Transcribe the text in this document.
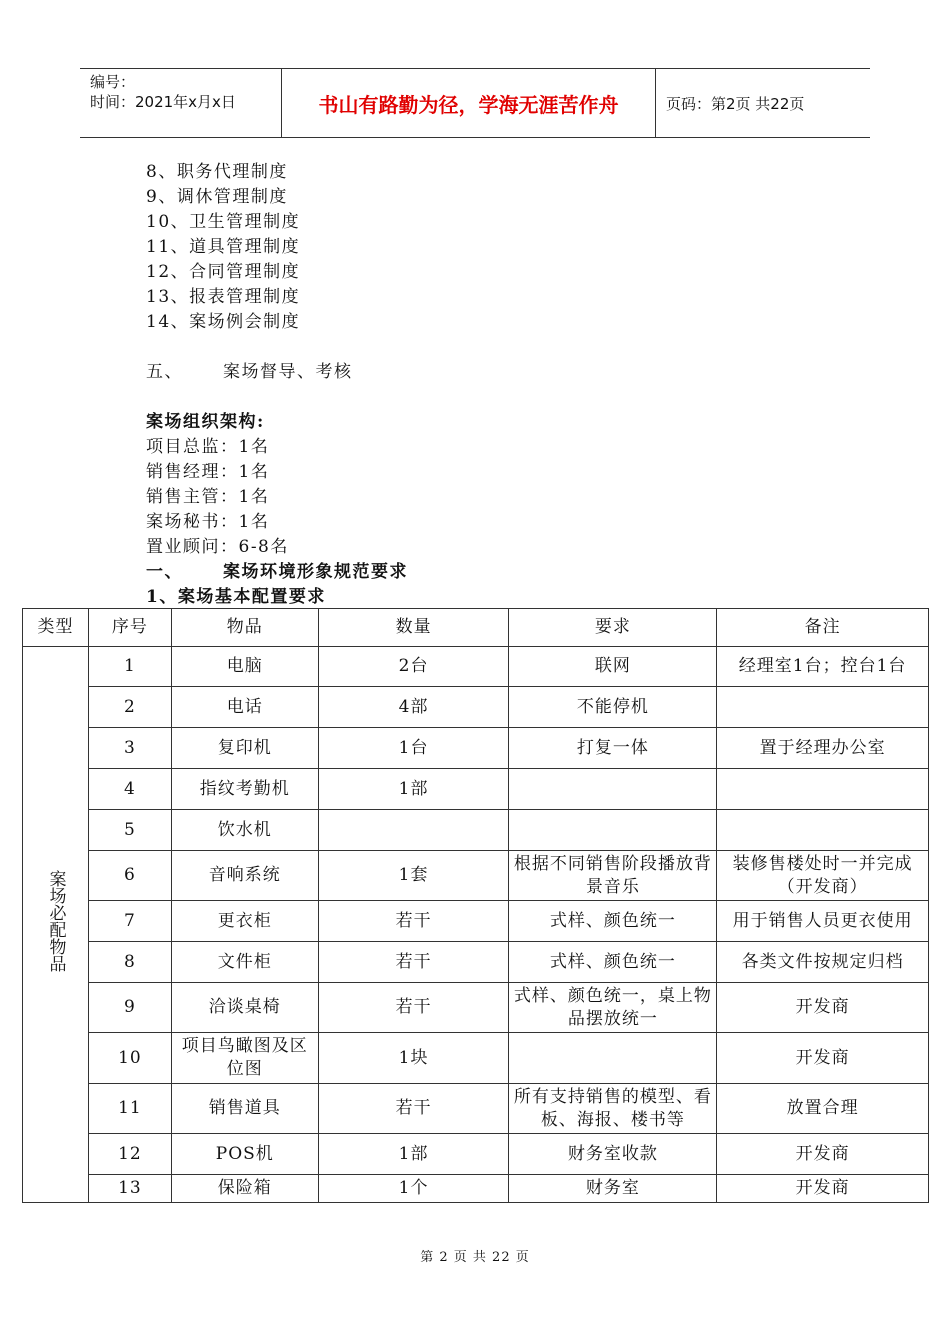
编号：
时间：2021年x月x日	书山有路勤为径，学海无涯苦作舟	页码：第2页 共22页
8、职务代理制度
9、调休管理制度
10、卫生管理制度
11、道具管理制度
12、合同管理制度
13、报表管理制度
14、案场例会制度
五、 案场督导、考核
案场组织架构:
项目总监：1名
销售经理：1名
销售主管：1名
案场秘书：1名
置业顾问：6-8名
一、 案场环境形象规范要求
1、案场基本配置要求
类型	序号	物品	数量	要求	备注
案场必配物品	1	电脑	2台	联网	经理室1台；控台1台
	2	电话	4部	不能停机	
	3	复印机	1台	打复一体	置于经理办公室
	4	指纹考勤机	1部		
	5	饮水机			
	6	音响系统	1套	根据不同销售阶段播放背景音乐	装修售楼处时一并完成（开发商）
	7	更衣柜	若干	式样、颜色统一	用于销售人员更衣使用
	8	文件柜	若干	式样、颜色统一	各类文件按规定归档
	9	洽谈桌椅	若干	式样、颜色统一，桌上物品摆放统一	开发商
	10	项目鸟瞰图及区位图	1块		开发商
	11	销售道具	若干	所有支持销售的模型、看板、海报、楼书等	放置合理
	12	POS机	1部	财务室收款	开发商
	13	保险箱	1个	财务室	开发商
第 2 页 共 22 页
